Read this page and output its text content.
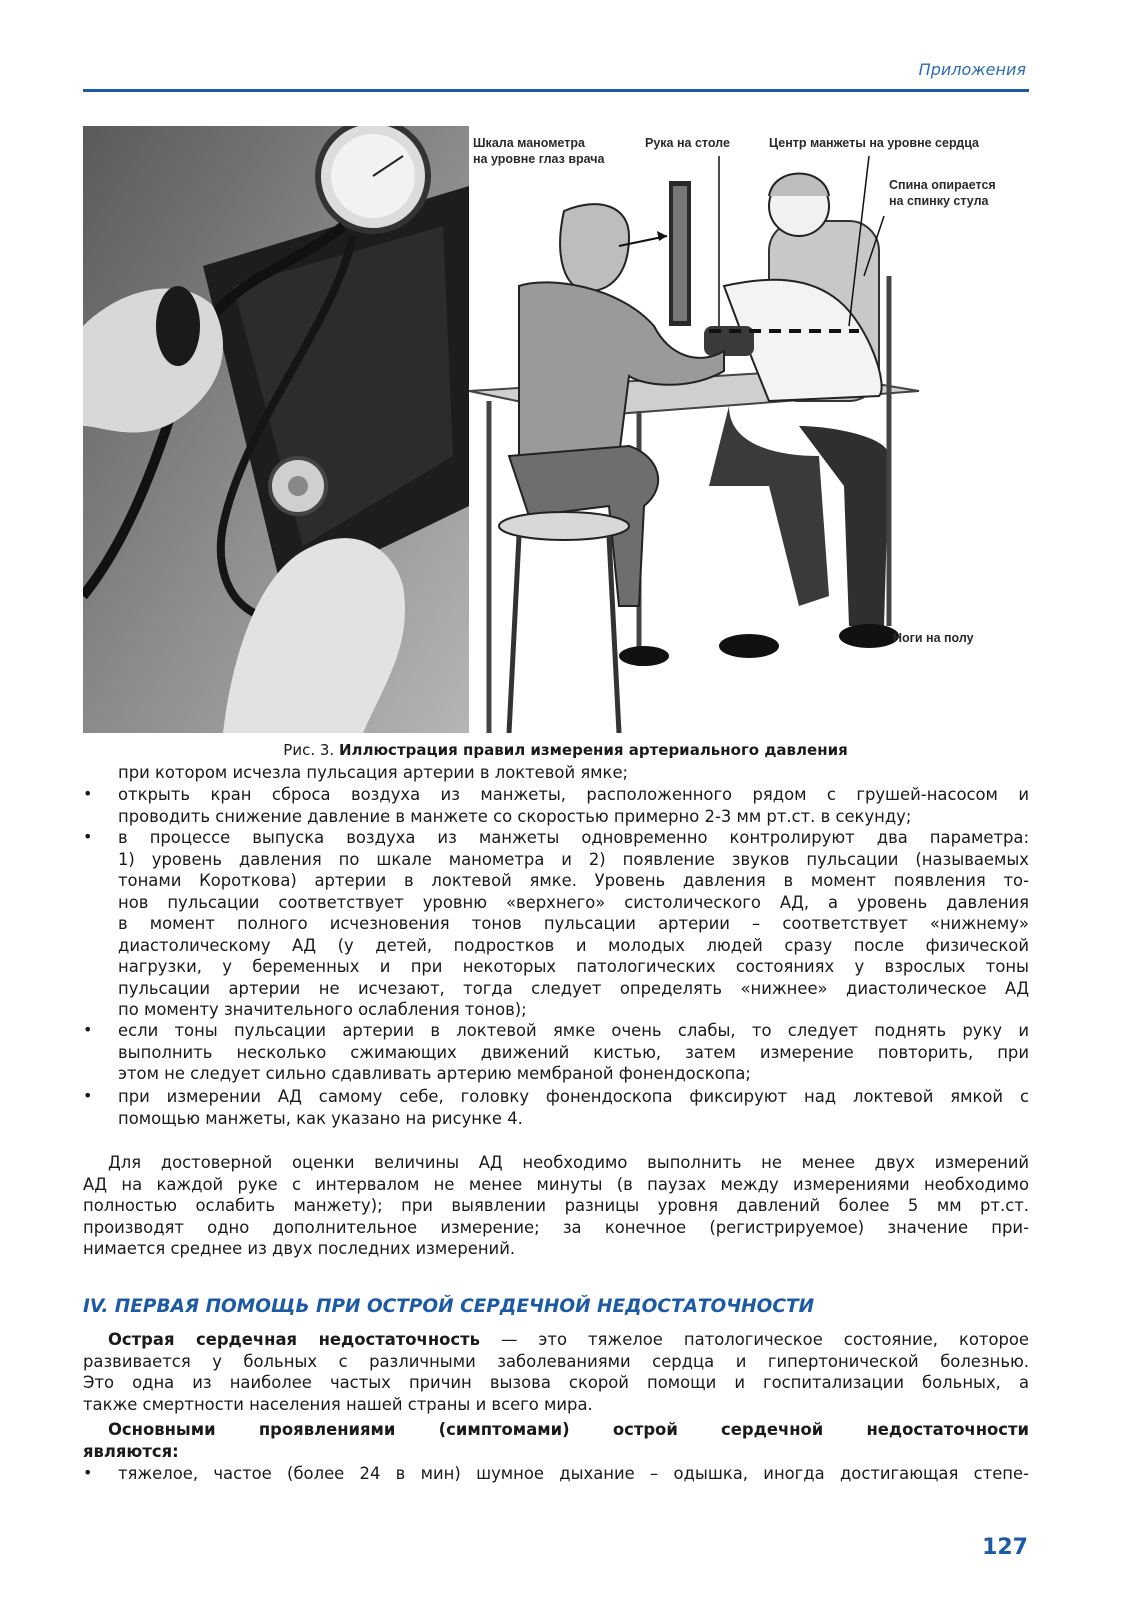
Приложения
Шкала манометра
на уровне глаз врача
Рука на столе	Центр манжеты на уровне сердца
Спина опирается
на спинку стула
Ноги на полу
Рис. 3. Иллюстрация правил измерения артериального давления
при котором исчезла пульсация артерии в локтевой ямке;
• открыть кран сброса воздуха из манжеты, расположенного рядом с грушей-насосом и
проводить снижение давление в манжете со скоростью примерно 2-3 мм рт.ст. в секунду;
• в процессе выпуска воздуха из манжеты одновременно контролируют два параметра:
1) уровень давления по шкале манометра и 2) появление звуков пульсации (называемых
тонами Короткова) артерии в локтевой ямке. Уровень давления в момент появления то-
нов пульсации соответствует уровню «верхнего» систолического АД, а уровень давления
в момент полного исчезновения тонов пульсации артерии – соответствует «нижнему»
диастолическому АД (у детей, подростков и молодых людей сразу после физической
нагрузки, у беременных и при некоторых патологических состояниях у взрослых тоны
пульсации артерии не исчезают, тогда следует определять «нижнее» диастолическое АД
по моменту значительного ослабления тонов);
• если тоны пульсации артерии в локтевой ямке очень слабы, то следует поднять руку и
выполнить несколько сжимающих движений кистью, затем измерение повторить, при
этом не следует сильно сдавливать артерию мембраной фонендоскопа;
• при измерении АД самому себе, головку фонендоскопа фиксируют над локтевой ямкой с
помощью манжеты, как указано на рисунке 4.
Для достоверной оценки величины АД необходимо выполнить не менее двух измерений
АД на каждой руке с интервалом не менее минуты (в паузах между измерениями необходимо
полностью ослабить манжету); при выявлении разницы уровня давлений более 5 мм рт.ст.
производят одно дополнительное измерение; за конечное (регистрируемое) значение при-
нимается среднее из двух последних измерений.
IV. ПЕРВАЯ ПОМОЩЬ ПРИ ОСТРОЙ СЕРДЕЧНОЙ НЕДОСТАТОЧНОСТИ
Острая сердечная недостаточность — это тяжелое патологическое состояние, которое
развивается у больных с различными заболеваниями сердца и гипертонической болезнью.
Это одна из наиболее частых причин вызова скорой помощи и госпитализации больных, а
также смертности населения нашей страны и всего мира.
Основными проявлениями (симптомами) острой сердечной недостаточности
являются:
•	тяжелое, частое (более 24 в мин) шумное дыхание – одышка, иногда достигающая степе-
127
